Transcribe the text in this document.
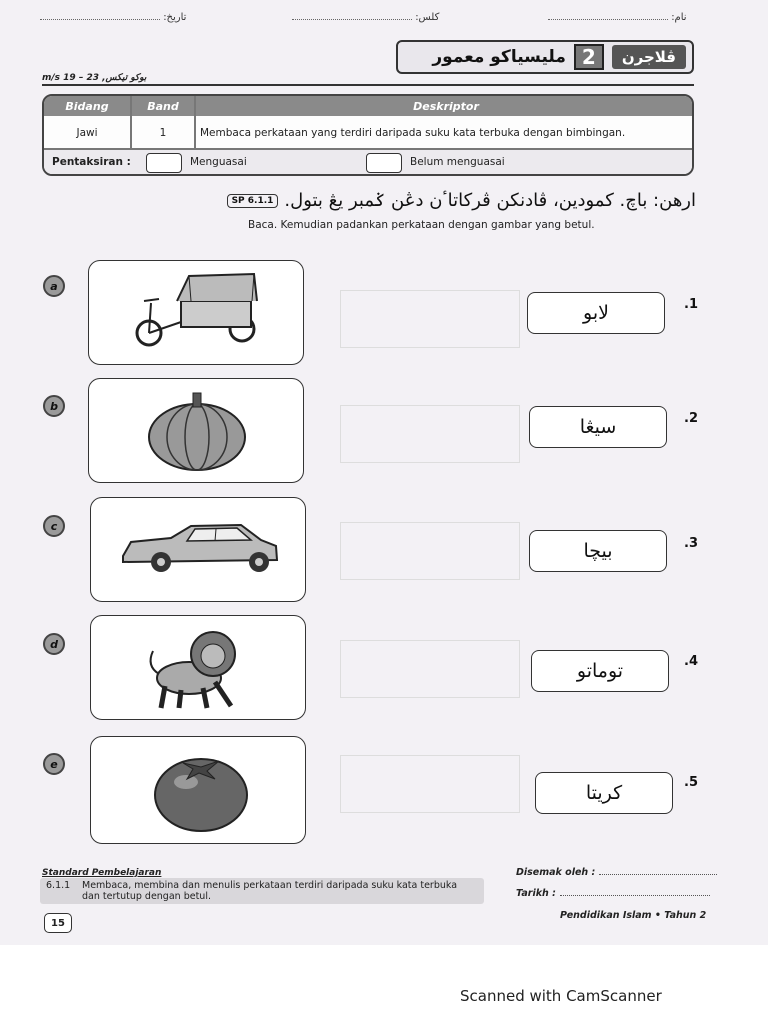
نام:
كلس:
تاريخ:
مليسياكو معمور 2	ڤلاجرن
m/s 19 – 23 ,بوكو تيكس
Bidang	Band	Deskriptor
Jawi	1	Membaca perkataan yang terdiri daripada suku kata terbuka dengan bimbingan.
Pentaksiran :	Menguasai	Belum menguasai
ارهن: باچ. كمودين، ڤادنكن ڤركاتاٴن دڠن ݢمبر يڠ بتول.
SP 6.1.1
Baca. Kemudian padankan perkataan dengan gambar yang betul.
a
b
c
d
e
لابو	.1
سيڠا	.2
بيچا	.3
توماتو	.4
كريتا	.5
Standard Pembelajaran
6.1.1 Membaca, membina dan menulis perkataan terdiri daripada suku kata terbuka dan tertutup dengan betul.
Disemak oleh :
Tarikh :
15
Pendidikan Islam • Tahun 2
Scanned with CamScanner
